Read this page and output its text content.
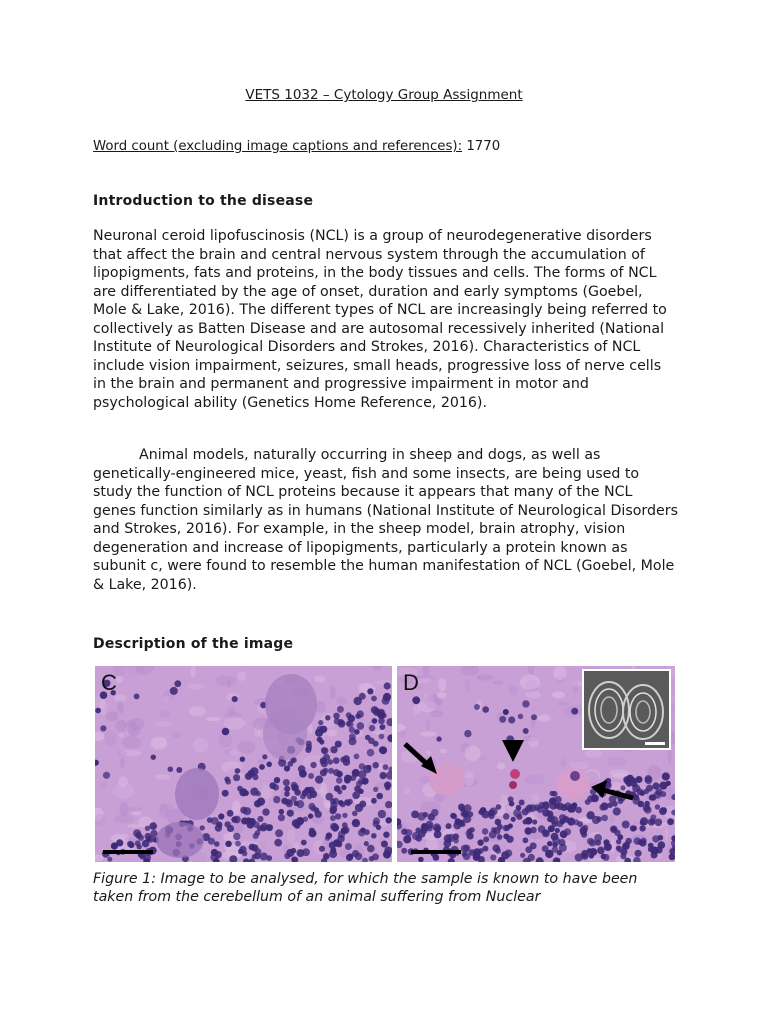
VETS 1032 – Cytology Group Assignment
Word count (excluding image captions and references): 1770
Introduction to the disease

Neuronal ceroid lipofuscinosis (NCL) is a group of neurodegenerative disorders that affect the brain and central nervous system through the accumulation of lipopigments, fats and proteins, in the body tissues and cells. The forms of NCL are differentiated by the age of onset, duration and early symptoms (Goebel, Mole & Lake, 2016). The different types of NCL are increasingly being referred to collectively as Batten Disease and are autosomal recessively inherited (National Institute of Neurological Disorders and Strokes, 2016). Characteristics of NCL include vision impairment, seizures, small heads, progressive loss of nerve cells in the brain and permanent and progressive impairment in motor and psychological ability (Genetics Home Reference, 2016).

Animal models, naturally occurring in sheep and dogs, as well as genetically-engineered mice, yeast, fish and some insects, are being used to study the function of NCL proteins because it appears that many of the NCL genes function similarly as in humans (National Institute of Neurological Disorders and Strokes, 2016). For example, in the sheep model, brain atrophy, vision degeneration and increase of lipopigments, particularly a protein known as subunit c, were found to resemble the human manifestation of NCL (Goebel, Mole & Lake, 2016).

Description of the image
C	D

Figure 1: Image to be analysed, for which the sample is known to have been taken from the cerebellum of an animal suffering from Nuclear
